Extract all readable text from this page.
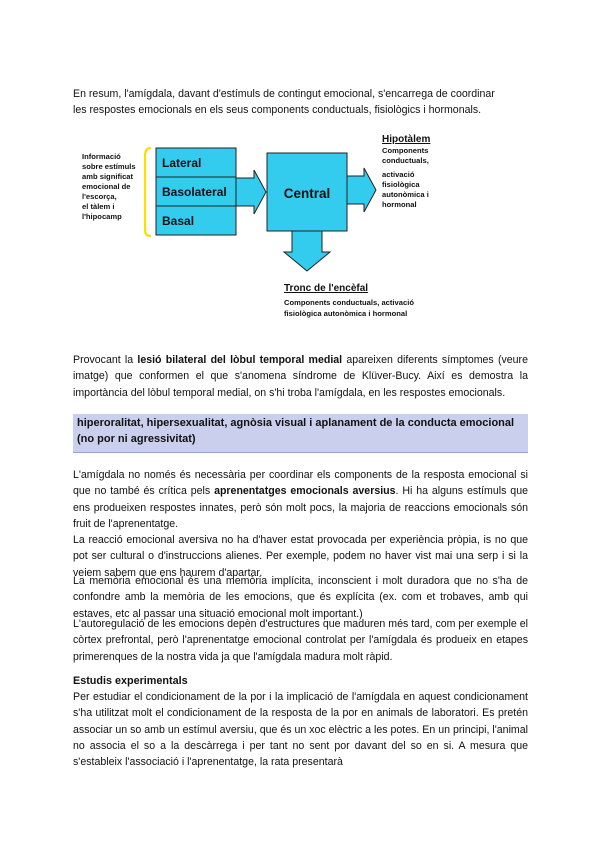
En resum, l'amígdala, davant d'estímuls de contingut emocional, s'encarrega de coordinar
les respostes emocionals en els seus components conductuals, fisiològics i hormonals.

Informació
sobre estímuls
amb significat
emocional de
l'escorça,
el tàlem i
l'hipocamp
Lateral
Basolateral
Basal
Central
Hipotàlem
Components
conductuals,
activació
fisiològica
autonòmica i
hormonal
Tronc de l'encèfal
Components conductuals, activació
fisiològica autonòmica i hormonal

Provocant la lesió bilateral del lòbul temporal medial apareixen diferents símptomes (veure imatge) que conformen el que s'anomena síndrome de Klüver-Bucy. Així es demostra la importància del lòbul temporal medial, on s'hi troba l'amígdala, en les respostes emocionals.

hiperoralitat, hipersexualitat, agnòsia visual i aplanament de la conducta emocional
(no por ni agressivitat)

L'amígdala no només és necessària per coordinar els components de la resposta emocional si que no també és crítica pels aprenentatges emocionals aversius. Hi ha alguns estímuls que ens produeixen respostes innates, però són molt pocs, la majoria de reaccions emocionals són fruit de l'aprenentatge.

La reacció emocional aversiva no ha d'haver estat provocada per experiència pròpia, is no que pot ser cultural o d'instruccions alienes. Per exemple, podem no haver vist mai una serp i si la veiem sabem que ens haurem d'apartar.

La memòria emocional és una memòria implícita, inconscient i molt duradora que no s'ha de confondre amb la memòria de les emocions, que és explícita (ex. com et trobaves, amb qui estaves, etc al passar una situació emocional molt important.)

L'autoregulació de les emocions depèn d'estructures que maduren més tard, com per exemple el còrtex prefrontal, però l'aprenentatge emocional controlat per l'amígdala és produeix en etapes primerenques de la nostra vida ja que l'amígdala madura molt ràpid.

Estudis experimentals

Per estudiar el condicionament de la por i la implicació de l'amígdala en aquest condicionament s'ha utilitzat molt el condicionament de la resposta de la por en animals de laboratori. Es pretén associar un so amb un estímul aversiu, que és un xoc elèctric a les potes. En un principi, l'animal no associa el so a la descàrrega i per tant no sent por davant del so en si. A mesura que s'estableix l'associació i l'aprenentatge, la rata presentarà
